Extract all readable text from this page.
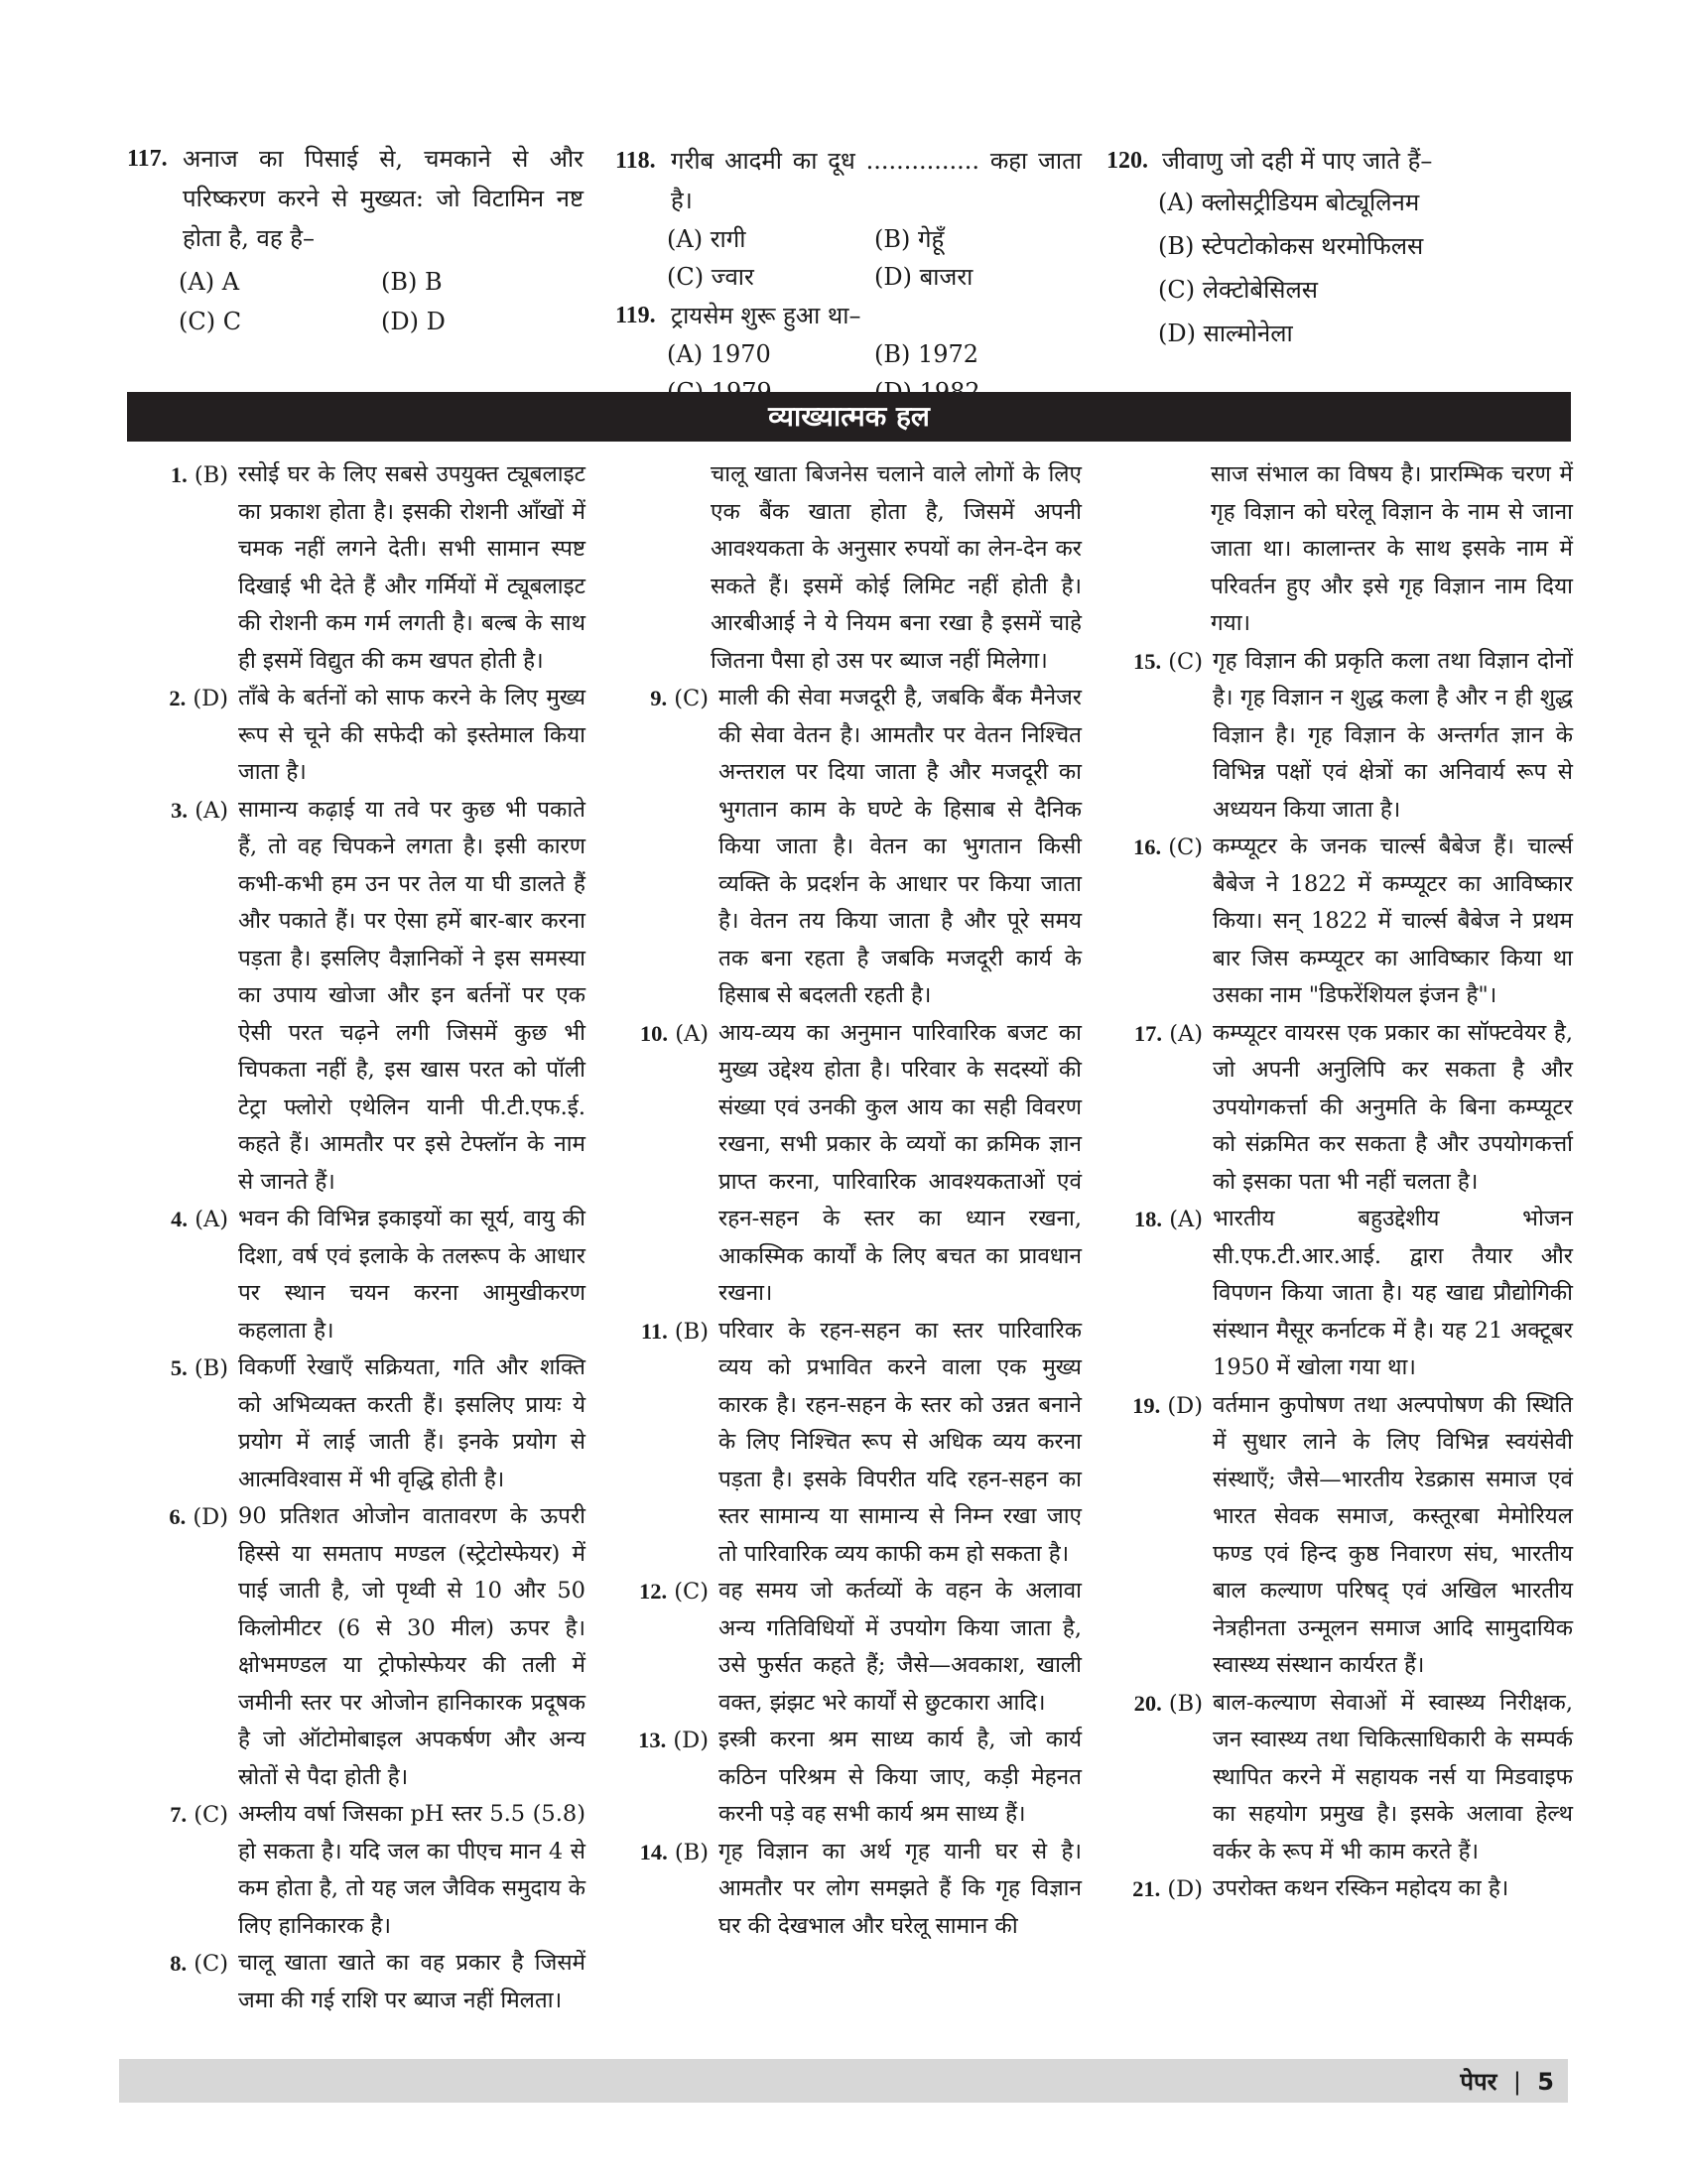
117. अनाज का पिसाई से, चमकाने से और परिष्करण करने से मुख्यत: जो विटामिन नष्ट होता है, वह है–
(A) A	(B) B
(C) C	(D) D
118. गरीब आदमी का दूध ............... कहा जाता है।
(A) रागी	(B) गेहूँ
(C) ज्वार	(D) बाजरा
119. ट्रायसेम शुरू हुआ था–
(A) 1970	(B) 1972
120. जीवाणु जो दही में पाए जाते हैं–
(A) क्लोसट्रीडियम बोट्यूलिनम
(B) स्टेपटोकोकस थरमोफिलस
(C) लेक्टोबेसिलस
(D) साल्मोनेला
व्याख्यात्मक हल
1. (B) रसोई घर के लिए सबसे उपयुक्त ट्यूबलाइट का प्रकाश होता है। इसकी रोशनी आँखों में चमक नहीं लगने देती। सभी सामान स्पष्ट दिखाई भी देते हैं और गर्मियों में ट्यूबलाइट की रोशनी कम गर्म लगती है। बल्ब के साथ ही इसमें विद्युत की कम खपत होती है।
2. (D) ताँबे के बर्तनों को साफ करने के लिए मुख्य रूप से चूने की सफेदी को इस्तेमाल किया जाता है।
3. (A) सामान्य कढ़ाई या तवे पर कुछ भी पकाते हैं, तो वह चिपकने लगता है। इसी कारण कभी-कभी हम उन पर तेल या घी डालते हैं और पकाते हैं। पर ऐसा हमें बार-बार करना पड़ता है। इसलिए वैज्ञानिकों ने इस समस्या का उपाय खोजा और इन बर्तनों पर एक ऐसी परत चढ़ने लगी जिसमें कुछ भी चिपकता नहीं है, इस खास परत को पॉली टेट्रा फ्लोरो एथेलिन यानी पी.टी.एफ.ई. कहते हैं। आमतौर पर इसे टेफ्लॉन के नाम से जानते हैं।
4. (A) भवन की विभिन्न इकाइयों का सूर्य, वायु की दिशा, वर्ष एवं इलाके के तलरूप के आधार पर स्थान चयन करना आमुखीकरण कहलाता है।
5. (B) विकर्णी रेखाएँ सक्रियता, गति और शक्ति को अभिव्यक्त करती हैं। इसलिए प्रायः ये प्रयोग में लाई जाती हैं। इनके प्रयोग से आत्मविश्वास में भी वृद्धि होती है।
6. (D) 90 प्रतिशत ओजोन वातावरण के ऊपरी हिस्से या समताप मण्डल (स्ट्रेटोस्फेयर) में पाई जाती है, जो पृथ्वी से 10 और 50 किलोमीटर (6 से 30 मील) ऊपर है। क्षोभमण्डल या ट्रोफोस्फेयर की तली में जमीनी स्तर पर ओजोन हानिकारक प्रदूषक है जो ऑटोमोबाइल अपकर्षण और अन्य स्रोतों से पैदा होती है।
7. (C) अम्लीय वर्षा जिसका pH स्तर 5.5 (5.8) हो सकता है। यदि जल का पीएच मान 4 से कम होता है, तो यह जल जैविक समुदाय के लिए हानिकारक है।
8. (C) चालू खाता खाते का वह प्रकार है जिसमें जमा की गई राशि पर ब्याज नहीं मिलता।
चालू खाता बिजनेस चलाने वाले लोगों के लिए एक बैंक खाता होता है, जिसमें अपनी आवश्यकता के अनुसार रुपयों का लेन-देन कर सकते हैं। इसमें कोई लिमिट नहीं होती है। आरबीआई ने ये नियम बना रखा है इसमें चाहे जितना पैसा हो उस पर ब्याज नहीं मिलेगा।
9. (C) माली की सेवा मजदूरी है, जबकि बैंक मैनेजर की सेवा वेतन है। आमतौर पर वेतन निश्चित अन्तराल पर दिया जाता है और मजदूरी का भुगतान काम के घण्टे के हिसाब से दैनिक किया जाता है। वेतन का भुगतान किसी व्यक्ति के प्रदर्शन के आधार पर किया जाता है। वेतन तय किया जाता है और पूरे समय तक बना रहता है जबकि मजदूरी कार्य के हिसाब से बदलती रहती है।
10. (A) आय-व्यय का अनुमान पारिवारिक बजट का मुख्य उद्देश्य होता है। परिवार के सदस्यों की संख्या एवं उनकी कुल आय का सही विवरण रखना, सभी प्रकार के व्ययों का क्रमिक ज्ञान प्राप्त करना, पारिवारिक आवश्यकताओं एवं रहन-सहन के स्तर का ध्यान रखना, आकस्मिक कार्यों के लिए बचत का प्रावधान रखना।
11. (B) परिवार के रहन-सहन का स्तर पारिवारिक व्यय को प्रभावित करने वाला एक मुख्य कारक है। रहन-सहन के स्तर को उन्नत बनाने के लिए निश्चित रूप से अधिक व्यय करना पड़ता है। इसके विपरीत यदि रहन-सहन का स्तर सामान्य या सामान्य से निम्न रखा जाए तो पारिवारिक व्यय काफी कम हो सकता है।
12. (C) वह समय जो कर्तव्यों के वहन के अलावा अन्य गतिविधियों में उपयोग किया जाता है, उसे फुर्सत कहते हैं; जैसे—अवकाश, खाली वक्त, झंझट भरे कार्यों से छुटकारा आदि।
13. (D) इस्त्री करना श्रम साध्य कार्य है, जो कार्य कठिन परिश्रम से किया जाए, कड़ी मेहनत करनी पड़े वह सभी कार्य श्रम साध्य हैं।
14. (B) गृह विज्ञान का अर्थ गृह यानी घर से है। आमतौर पर लोग समझते हैं कि गृह विज्ञान घर की देखभाल और घरेलू सामान की
साज संभाल का विषय है। प्रारम्भिक चरण में गृह विज्ञान को घरेलू विज्ञान के नाम से जाना जाता था। कालान्तर के साथ इसके नाम में परिवर्तन हुए और इसे गृह विज्ञान नाम दिया गया।
15. (C) गृह विज्ञान की प्रकृति कला तथा विज्ञान दोनों है। गृह विज्ञान न शुद्ध कला है और न ही शुद्ध विज्ञान है। गृह विज्ञान के अन्तर्गत ज्ञान के विभिन्न पक्षों एवं क्षेत्रों का अनिवार्य रूप से अध्ययन किया जाता है।
16. (C) कम्प्यूटर के जनक चार्ल्स बैबेज हैं। चार्ल्स बैबेज ने 1822 में कम्प्यूटर का आविष्कार किया। सन् 1822 में चार्ल्स बैबेज ने प्रथम बार जिस कम्प्यूटर का आविष्कार किया था उसका नाम "डिफरेंशियल इंजन है"।
17. (A) कम्प्यूटर वायरस एक प्रकार का सॉफ्टवेयर है, जो अपनी अनुलिपि कर सकता है और उपयोगकर्त्ता की अनुमति के बिना कम्प्यूटर को संक्रमित कर सकता है और उपयोगकर्त्ता को इसका पता भी नहीं चलता है।
18. (A) भारतीय बहुउद्देशीय भोजन सी.एफ.टी.आर.आई. द्वारा तैयार और विपणन किया जाता है। यह खाद्य प्रौद्योगिकी संस्थान मैसूर कर्नाटक में है। यह 21 अक्टूबर 1950 में खोला गया था।
19. (D) वर्तमान कुपोषण तथा अल्पपोषण की स्थिति में सुधार लाने के लिए विभिन्न स्वयंसेवी संस्थाएँ; जैसे—भारतीय रेडक्रास समाज एवं भारत सेवक समाज, कस्तूरबा मेमोरियल फण्ड एवं हिन्द कुष्ठ निवारण संघ, भारतीय बाल कल्याण परिषद् एवं अखिल भारतीय नेत्रहीनता उन्मूलन समाज आदि सामुदायिक स्वास्थ्य संस्थान कार्यरत हैं।
20. (B) बाल-कल्याण सेवाओं में स्वास्थ्य निरीक्षक, जन स्वास्थ्य तथा चिकित्साधिकारी के सम्पर्क स्थापित करने में सहायक नर्स या मिडवाइफ का सहयोग प्रमुख है। इसके अलावा हेल्थ वर्कर के रूप में भी काम करते हैं।
21. (D) उपरोक्त कथन रस्किन महोदय का है।
पेपर | 5
